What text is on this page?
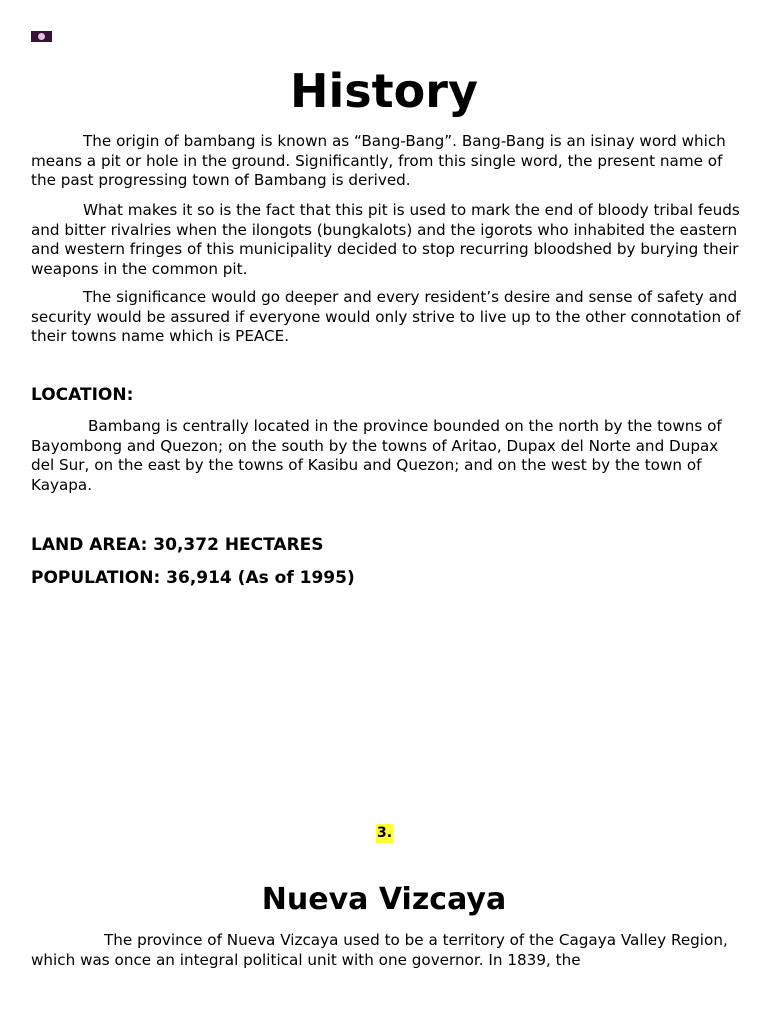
History

The origin of bambang is known as “Bang-Bang”. Bang-Bang is an isinay word which means a pit or hole in the ground. Significantly, from this single word, the present name of the past progressing town of Bambang is derived.

What makes it so is the fact that this pit is used to mark the end of bloody tribal feuds and bitter rivalries when the ilongots (bungkalots) and the igorots who inhabited the eastern and western fringes of this municipality decided to stop recurring bloodshed by burying their weapons in the common pit.

The significance would go deeper and every resident’s desire and sense of safety and security would be assured if everyone would only strive to live up to the other connotation of their towns name which is PEACE.

LOCATION:

Bambang is centrally located in the province bounded on the north by the towns of Bayombong and Quezon; on the south by the towns of Aritao, Dupax del Norte and Dupax del Sur, on the east by the towns of Kasibu and Quezon; and on the west by the town of Kayapa.

LAND AREA: 30,372 HECTARES
POPULATION: 36,914 (As of 1995)
3.
Nueva Vizcaya

The province of Nueva Vizcaya used to be a territory of the Cagaya Valley Region, which was once an integral political unit with one governor. In 1839, the
